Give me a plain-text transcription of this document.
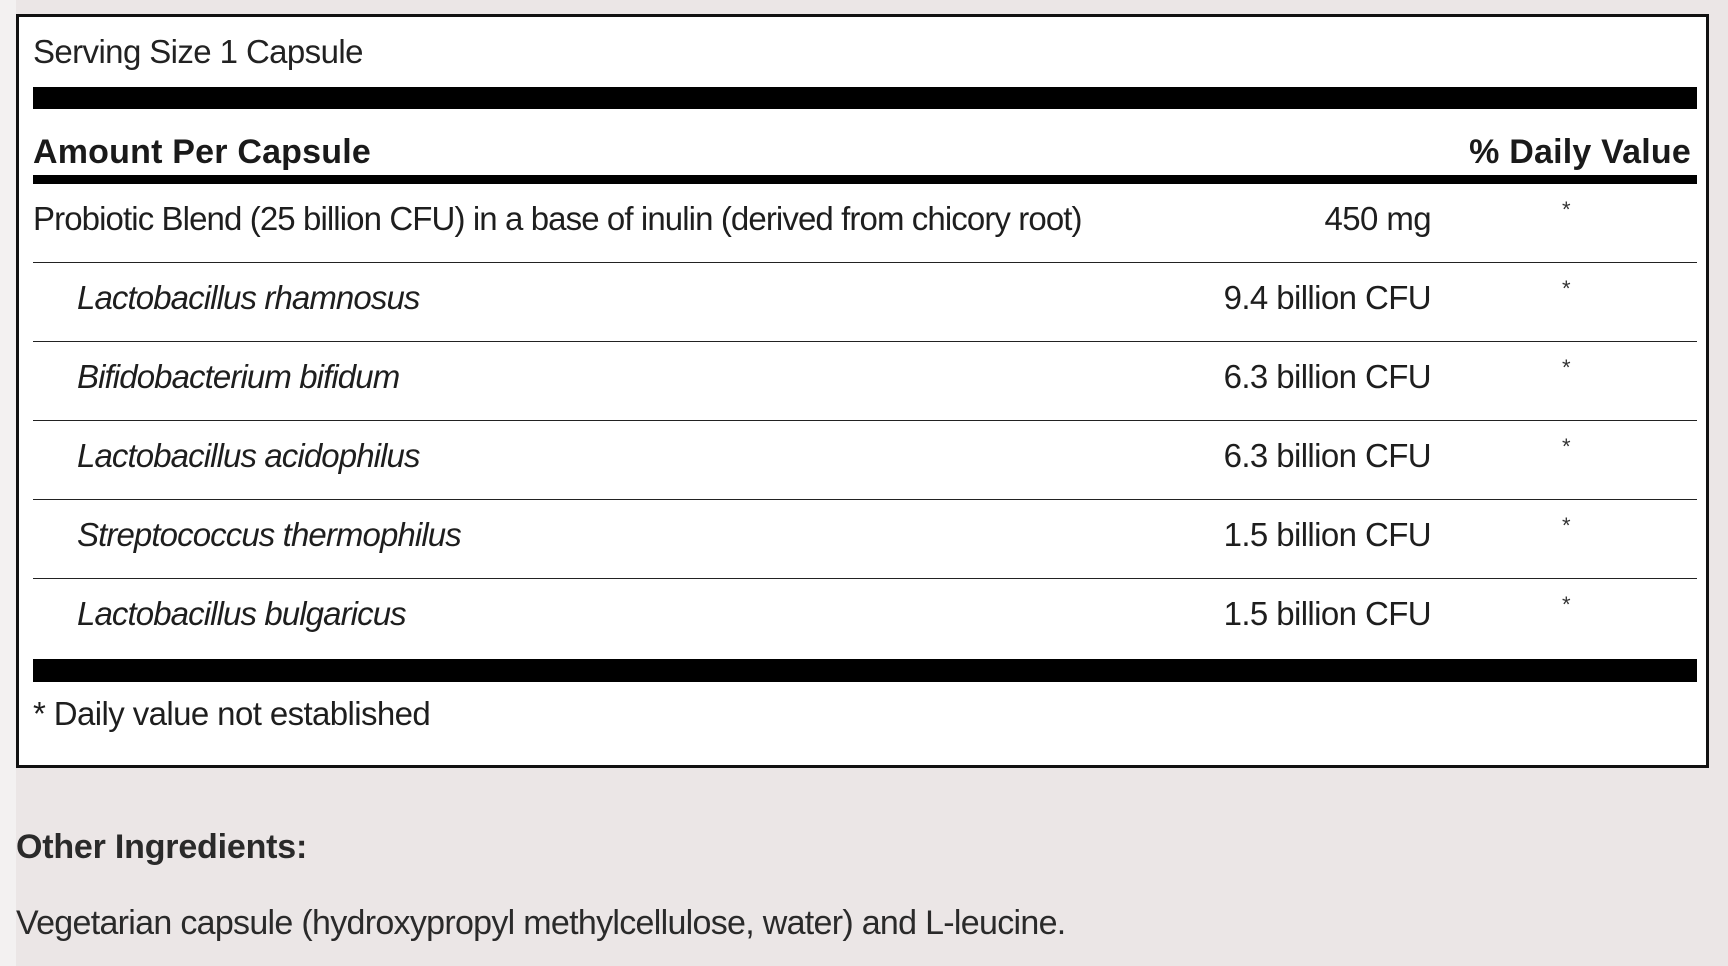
Serving Size 1 Capsule
Amount Per Capsule	% Daily Value
Probiotic Blend (25 billion CFU) in a base of inulin (derived from chicory root)	450 mg	*
Lactobacillus rhamnosus	9.4 billion CFU	*
Bifidobacterium bifidum	6.3 billion CFU	*
Lactobacillus acidophilus	6.3 billion CFU	*
Streptococcus thermophilus	1.5 billion CFU	*
Lactobacillus bulgaricus	1.5 billion CFU	*
* Daily value not established
Other Ingredients:
Vegetarian capsule (hydroxypropyl methylcellulose, water) and L-leucine.
